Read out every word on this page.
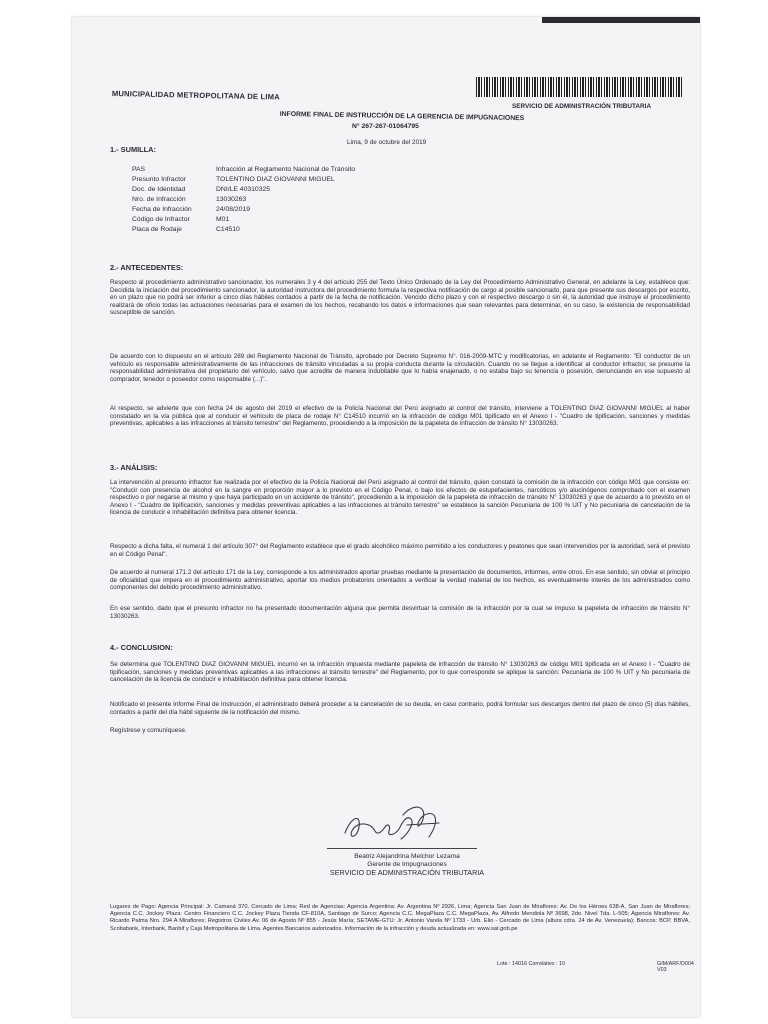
MUNICIPALIDAD METROPOLITANA DE LIMA
SERVICIO DE ADMINISTRACIÓN TRIBUTARIA
INFORME FINAL DE INSTRUCCIÓN DE LA GERENCIA DE IMPUGNACIONES
N° 267-267-01064795
Lima, 9 de octubre del 2019
1.- SUMILLA:
PAS	Infracción al Reglamento Nacional de Tránsito
Presunto Infractor	TOLENTINO DIAZ GIOVANNI MIGUEL
Doc. de Identidad	DNI/LE 40310325
Nro. de Infracción	13030263
Fecha de Infracción	24/08/2019
Código de Infractor	M01
Placa de Rodaje	C14510
2.- ANTECEDENTES:
Respecto al procedimiento administrativo sancionador, los numerales 3 y 4 del artículo 255 del Texto Único Ordenado de la Ley del Procedimiento Administrativo General, en adelante la Ley, establece que: Decidida la iniciación del procedimiento sancionador, la autoridad instructora del procedimiento formula la respectiva notificación de cargo al posible sancionado, para que presente sus descargos por escrito, en un plazo que no podrá ser inferior a cinco días hábiles contados a partir de la fecha de notificación. Vencido dicho plazo y con el respectivo descargo o sin él, la autoridad que instruye el procedimiento realizará de oficio todas las actuaciones necesarias para el examen de los hechos, recabando los datos e informaciones que sean relevantes para determinar, en su caso, la existencia de responsabilidad susceptible de sanción.
De acuerdo con lo dispuesto en el artículo 289 del Reglamento Nacional de Tránsito, aprobado por Decreto Supremo N°. 016-2009-MTC y modificatorias, en adelante el Reglamento: "El conductor de un vehículo es responsable administrativamente de las infracciones de tránsito vinculadas a su propia conducta durante la circulación. Cuando no se llegue a identificar al conductor infractor, se presume la responsabilidad administrativa del propietario del vehículo, salvo que acredite de manera indubitable que lo había enajenado, o no estaba bajo su tenencia o posesión, denunciando en ese supuesto al comprador, tenedor o poseedor como responsable (...)".
Al respecto, se advierte que con fecha 24 de agosto del 2019 el efectivo de la Policía Nacional del Perú asignado al control del tránsito, interviene a TOLENTINO DIAZ GIOVANNI MIGUEL al haber constatado en la vía pública que al conducir el vehículo de placa de rodaje N° C14510 incurrió en la infracción de código M01 tipificado en el Anexo I - "Cuadro de tipificación, sanciones y medidas preventivas, aplicables a las infracciones al tránsito terrestre" del Reglamento, procediendo a la imposición de la papeleta de infracción de tránsito N° 13030263.
3.- ANÁLISIS:
La intervención al presunto infractor fue realizada por el efectivo de la Policía Nacional del Perú asignado al control del tránsito, quien constató la comisión de la infracción con código M01 que consiste en: "Conducir con presencia de alcohol en la sangre en proporción mayor a lo previsto en el Código Penal, o bajo los efectos de estupefacientes, narcóticos y/o alucinógenos comprobado con el examen respectivo o por negarse al mismo y que haya participado en un accidente de tránsito", procediendo a la imposición de la papeleta de infracción de tránsito N° 13030263 y que de acuerdo a lo previsto en el Anexo I - "Cuadro de tipificación, sanciones y medidas preventivas aplicables a las infracciones al tránsito terrestre" se establece la sanción Pecuniaria de 100 % UIT y No pecuniaria de cancelación de la licencia de conducir e inhabilitación definitiva para obtener licencia.
Respecto a dicha falta, el numeral 1 del artículo 307° del Reglamento establece que el grado alcohólico máximo permitido a los conductores y peatones que sean intervenidos por la autoridad, será el previsto en el Código Penal".
De acuerdo al numeral 171.2 del artículo 171 de la Ley, corresponde a los administrados aportar pruebas mediante la presentación de documentos, informes, entre otros. En ese sentido, sin obviar el principio de oficialidad que impera en el procedimiento administrativo, aportar los medios probatorios orientados a verificar la verdad material de los hechos, es eventualmente interés de los administrados como componentes del debido procedimiento administrativo.
En ese sentido, dado que el presunto infractor no ha presentado documentación alguna que permita desvirtuar la comisión de la infracción por la cual se impuso la papeleta de infracción de tránsito N° 13030263.
4.- CONCLUSION:
Se determina que TOLENTINO DIAZ GIOVANNI MIGUEL incurrió en la infracción impuesta mediante papeleta de infracción de tránsito N° 13030263 de código M01 tipificada en el Anexo I - "Cuadro de tipificación, sanciones y medidas preventivas aplicables a las infracciones al tránsito terrestre" del Reglamento, por lo que corresponde se aplique la sanción: Pecuniaria de 100 % UIT y No pecuniaria de cancelación de la licencia de conducir e inhabilitación definitiva para obtener licencia.
Notificado el presente Informe Final de Instrucción, el administrado deberá proceder a la cancelación de su deuda, en caso contrario, podrá formular sus descargos dentro del plazo de cinco (5) días hábiles, contados a partir del día hábil siguiente de la notificación del mismo.
Regístrese y comuníquese.
Beatriz Alejandrina Melchor Lezama
Gerente de Impugnaciones
SERVICIO DE ADMINISTRACIÓN TRIBUTARIA
Lugares de Pago: Agencia Principal: Jr. Camaná 370, Cercado de Lima; Red de Agencias: Agencia Argentina: Av. Argentina Nº 2926, Lima; Agencia San Juan de Miraflores: Av. De los Héroes 638-A, San Juan de Miraflores; Agencia C.C. Jockey Plaza: Centro Financiero C.C. Jockey Plaza Tienda CF-810A, Santiago de Surco; Agencia C.C. MegaPlaza C.C. MegaPlaza, Av. Alfredo Mendiola Nº 3698, 2do. Nivel Tda. L-505; Agencia Miraflores: Av. Ricardo Palma Nro. 294 A Miraflores; Registros Civiles Av. 06 de Agosto Nº 855 - Jesús María; SETAME-GTU: Jr. Antonio Varela Nº 1733 - Urb. Elio - Cercado de Lima (altura cdra. 24 de Av. Venezuela); Bancos: BCP, BBVA, Scotiabank, Interbank, Banbif y Caja Metropolitana de Lima. Agentes Bancarios autorizados. Información de la infracción y deuda actualizada en: www.sat.gob.pe
Lote : 14016 Correlativo : 10	GIM/ARF/D004 V03
